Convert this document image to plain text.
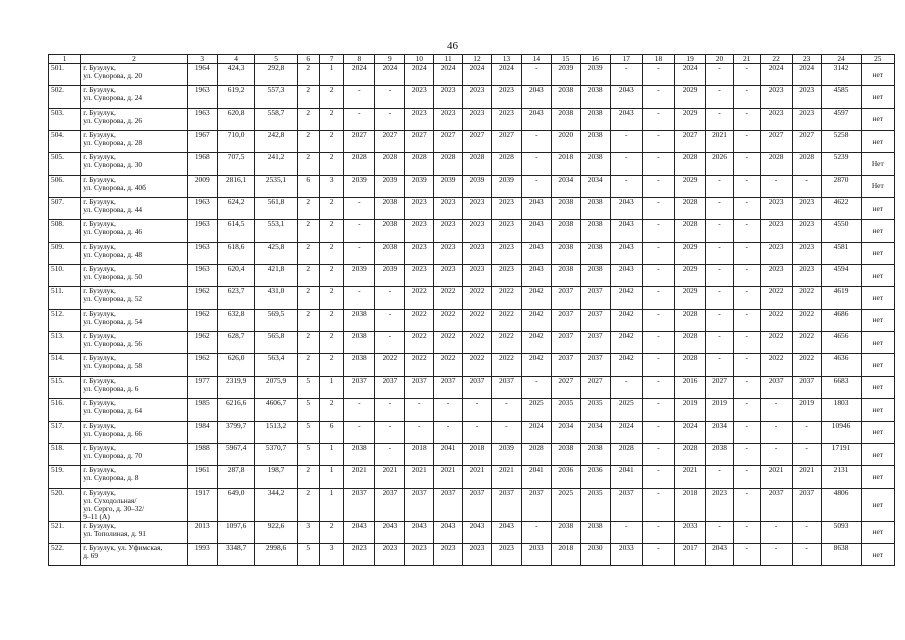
46
1	2	3	4	5	6	7	8	9	10	11	12	13	14	15	16	17	18	19	20	21	22	23	24	25
501.	г. Бузулук,
ул. Суворова, д. 20	1964	424,3	292,8	2	1	2024	2024	2024	2024	2024	2024	-	2039	2039	-	-	2024	-	-	2024	2024	3142	нет
502.	г. Бузулук,
ул. Суворова, д. 24	1963	619,2	557,3	2	2	-	-	2023	2023	2023	2023	2043	2038	2038	2043	-	2029	-	-	2023	2023	4585	нет
503.	г. Бузулук,
ул. Суворова, д. 26	1963	620,8	558,7	2	2	-	-	2023	2023	2023	2023	2043	2038	2038	2043	-	2029	-	-	2023	2023	4597	нет
504.	г. Бузулук,
ул. Суворова, д. 28	1967	710,0	242,8	2	2	2027	2027	2027	2027	2027	2027	-	2020	2038	-	-	2027	2021	-	2027	2027	5258	нет
505.	г. Бузулук,
ул. Суворова, д. 30	1968	707,5	241,2	2	2	2028	2028	2028	2028	2028	2028	-	2018	2038	-	-	2028	2026	-	2028	2028	5239	Нет
506.	г. Бузулук,
ул. Суворова, д. 40б	2009	2816,1	2535,1	6	3	2039	2039	2039	2039	2039	2039	-	2034	2034	-	-	2029	-	-	-	-	2870	Нет
507.	г. Бузулук,
ул. Суворова, д. 44	1963	624,2	561,8	2	2	-	2038	2023	2023	2023	2023	2043	2038	2038	2043	-	2028	-	-	2023	2023	4622	нет
508.	г. Бузулук,
ул. Суворова, д. 46	1963	614,5	553,1	2	2	-	2038	2023	2023	2023	2023	2043	2038	2038	2043	-	2028	-	-	2023	2023	4550	нет
509.	г. Бузулук,
ул. Суворова, д. 48	1963	618,6	425,8	2	2	-	2038	2023	2023	2023	2023	2043	2038	2038	2043	-	2029	-	-	2023	2023	4581	нет
510.	г. Бузулук,
ул. Суворова, д. 50	1963	620,4	421,8	2	2	2039	2039	2023	2023	2023	2023	2043	2038	2038	2043	-	2029	-	-	2023	2023	4594	нет
511.	г. Бузулук,
ул. Суворова, д. 52	1962	623,7	431,0	2	2	-	-	2022	2022	2022	2022	2042	2037	2037	2042	-	2029	-	-	2022	2022	4619	нет
512.	г. Бузулук,
ул. Суворова, д. 54	1962	632,8	569,5	2	2	2038	-	2022	2022	2022	2022	2042	2037	2037	2042	-	2028	-	-	2022	2022	4686	нет
513.	г. Бузулук,
ул. Суворова, д. 56	1962	628,7	565,8	2	2	2038	-	2022	2022	2022	2022	2042	2037	2037	2042	-	2028	-	-	2022	2022	4656	нет
514.	г. Бузулук,
ул. Суворова, д. 58	1962	626,0	563,4	2	2	2038	2022	2022	2022	2022	2022	2042	2037	2037	2042	-	2028	-	-	2022	2022	4636	нет
515.	г. Бузулук,
ул. Суворова, д. 6	1977	2319,9	2075,9	5	1	2037	2037	2037	2037	2037	2037	-	2027	2027	-	-	2016	2027	-	2037	2037	6683	нет
516.	г. Бузулук,
ул. Суворова, д. 64	1985	6216,6	4606,7	5	2	-	-	-	-	-	-	2025	2035	2035	2025	-	2019	2019	-	-	2019	1803	нет
517.	г. Бузулук,
ул. Суворова, д. 66	1984	3799,7	1513,2	5	6	-	-	-	-	-	-	2024	2034	2034	2024	-	2024	2034	-	-	-	10946	нет
518.	г. Бузулук,
ул. Суворова, д. 70	1988	5967,4	5370,7	5	1	2038	-	2018	2041	2018	2039	2028	2038	2038	2028	-	2028	2038	-	-	-	17191	нет
519.	г. Бузулук,
ул. Суворова, д. 8	1961	287,8	198,7	2	1	2021	2021	2021	2021	2021	2021	2041	2036	2036	2041	-	2021	-	-	2021	2021	2131	нет
520.	г. Бузулук,
ул. Суходольная/
ул. Серго, д. 30–32/
9–11 (А)	1917	649,0	344,2	2	1	2037	2037	2037	2037	2037	2037	2037	2025	2035	2037	-	2018	2023	-	2037	2037	4806	нет
521.	г. Бузулук,
ул. Тополиная, д. 91	2013	1097,6	922,6	3	2	2043	2043	2043	2043	2043	2043	-	2038	2038	-	-	2033	-	-	-	-	5093	нет
522.	г. Бузулук, ул. Уфимская,
д. 69	1993	3348,7	2998,6	5	3	2023	2023	2023	2023	2023	2023	2033	2018	2030	2033	-	2017	2043	-	-	-	8638	нет
